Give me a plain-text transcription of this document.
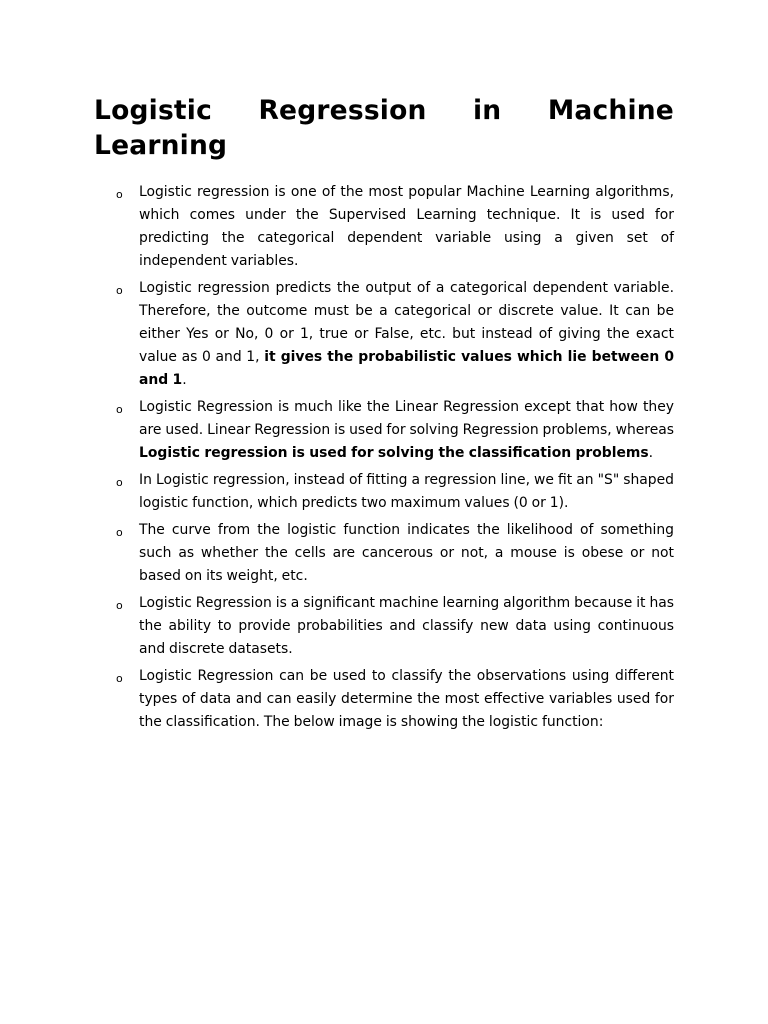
Logistic Regression in Machine Learning
o Logistic regression is one of the most popular Machine Learning algorithms, which comes under the Supervised Learning technique. It is used for predicting the categorical dependent variable using a given set of independent variables.

o Logistic regression predicts the output of a categorical dependent variable. Therefore, the outcome must be a categorical or discrete value. It can be either Yes or No, 0 or 1, true or False, etc. but instead of giving the exact value as 0 and 1, it gives the probabilistic values which lie between 0 and 1.

o Logistic Regression is much like the Linear Regression except that how they are used. Linear Regression is used for solving Regression problems, whereas Logistic regression is used for solving the classification problems.

o In Logistic regression, instead of fitting a regression line, we fit an "S" shaped logistic function, which predicts two maximum values (0 or 1).

o The curve from the logistic function indicates the likelihood of something such as whether the cells are cancerous or not, a mouse is obese or not based on its weight, etc.

o Logistic Regression is a significant machine learning algorithm because it has the ability to provide probabilities and classify new data using continuous and discrete datasets.

o Logistic Regression can be used to classify the observations using different types of data and can easily determine the most effective variables used for the classification. The below image is showing the logistic function:
